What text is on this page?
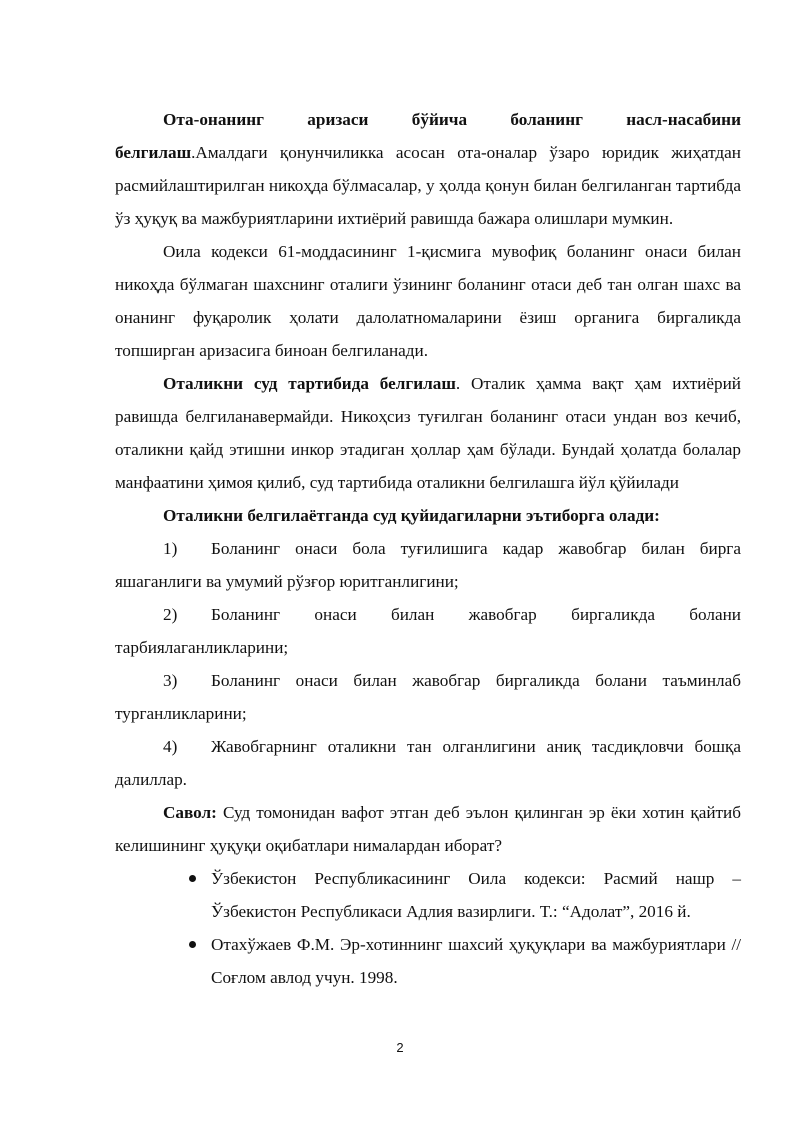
Ота-онанинг аризаси бўйича боланинг насл-насабини белгилаш.Амалдаги қонунчиликка асосан ота-оналар ўзаро юридик жиҳатдан расмийлаштирилган никоҳда бўлмасалар, у ҳолда қонун билан белгиланган тартибда ўз ҳуқуқ ва мажбуриятларини ихтиёрий равишда бажара олишлари мумкин.

Оила кодекси 61-моддасининг 1-қисмига мувофиқ боланинг онаси билан никоҳда бўлмаган шахснинг оталиги ўзининг боланинг отаси деб тан олган шахс ва онанинг фуқаролик ҳолати далолатномаларини ёзиш органига биргаликда топширган аризасига биноан белгиланади.

Оталикни суд тартибида белгилаш. Оталик ҳамма вақт ҳам ихтиёрий равишда белгиланавермайди. Никоҳсиз туғилган боланинг отаси ундан воз кечиб, оталикни қайд этишни инкор этадиган ҳоллар ҳам бўлади. Бундай ҳолатда болалар манфаатини ҳимоя қилиб, суд тартибида оталикни белгилашга йўл қўйилади

Оталикни белгилаётганда суд қуйидагиларни эътиборга олади:

1) Боланинг онаси бола туғилишига кадар жавобгар билан бирга яшаганлиги ва умумий рўзғор юритганлигини;

2) Боланинг онаси билан жавобгар биргаликда болани тарбиялаганликларини;

3) Боланинг онаси билан жавобгар биргаликда болани таъминлаб турганликларини;

4) Жавобгарнинг оталикни тан олганлигини аниқ тасдиқловчи бошқа далиллар.

Савол: Суд томонидан вафот этган деб эълон қилинган эр ёки хотин қайтиб келишининг ҳуқуқи оқибатлари нималардан иборат?

Ўзбекистон Республикасининг Оила кодекси: Расмий нашр – Ўзбекистон Республикаси Адлия вазирлиги. Т.: “Адолат”, 2016 й.
Отахўжаев Ф.М. Эр-хотиннинг шахсий ҳуқуқлари ва мажбуриятлари // Соғлом авлод учун. 1998.
2
